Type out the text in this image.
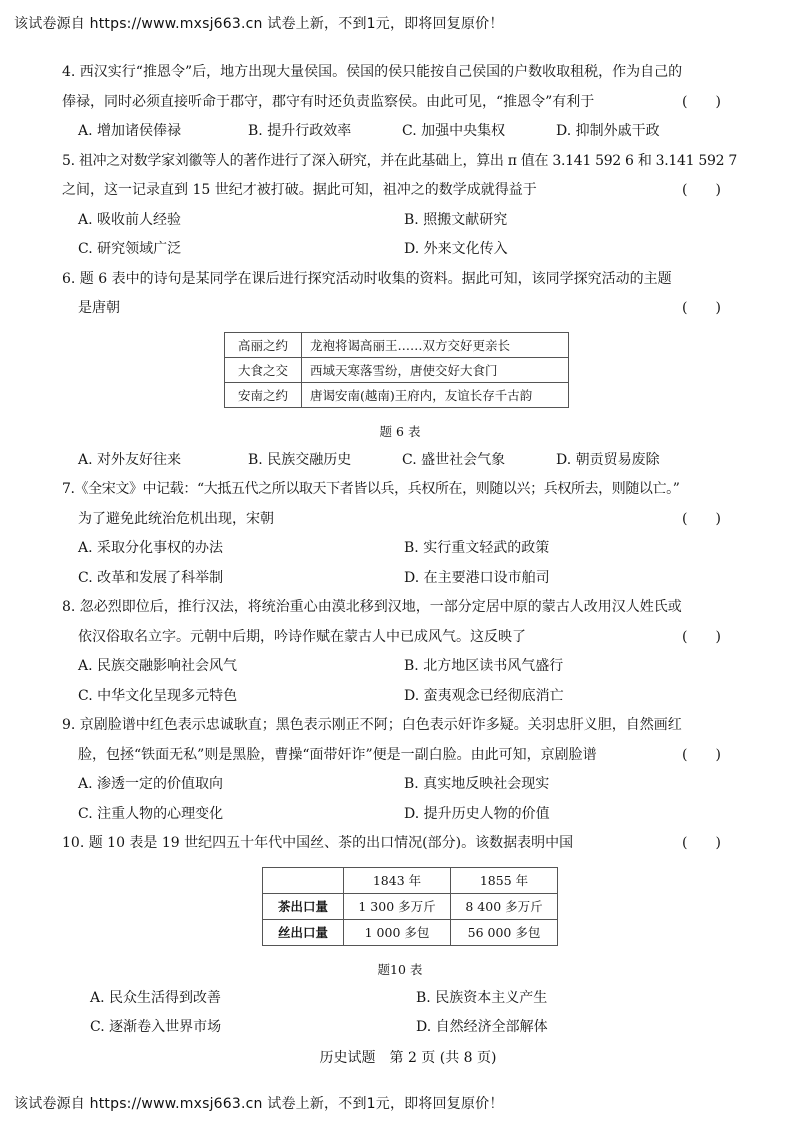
该试卷源自 https://www.mxsj663.cn 试卷上新，不到1元，即将回复原价！
4. 西汉实行“推恩令”后，地方出现大量侯国。侯国的侯只能按自己侯国的户数收取租税，作为自己的
俸禄，同时必须直接听命于郡守，郡守有时还负责监察侯。由此可见，“推恩令”有利于	(　　)
A. 增加诸侯俸禄	B. 提升行政效率	C. 加强中央集权	D. 抑制外戚干政
5. 祖冲之对数学家刘徽等人的著作进行了深入研究，并在此基础上，算出 π 值在 3.141 592 6 和 3.141 592 7
之间，这一记录直到 15 世纪才被打破。据此可知，祖冲之的数学成就得益于	(　　)
A. 吸收前人经验	B. 照搬文献研究
C. 研究领域广泛	D. 外来文化传入
6. 题 6 表中的诗句是某同学在课后进行探究活动时收集的资料。据此可知，该同学探究活动的主题
是唐朝	(　　)
高丽之约	龙袍将谒高丽王……双方交好更亲长
大食之交	西域天寒落雪纷，唐使交好大食门
安南之约	唐谒安南(越南)王府内，友谊长存千古韵
题 6 表
A. 对外友好往来	B. 民族交融历史	C. 盛世社会气象	D. 朝贡贸易废除
7.《全宋文》中记载：“大抵五代之所以取天下者皆以兵，兵权所在，则随以兴；兵权所去，则随以亡。”
为了避免此统治危机出现，宋朝	(　　)
A. 采取分化事权的办法	B. 实行重文轻武的政策
C. 改革和发展了科举制	D. 在主要港口设市舶司
8. 忽必烈即位后，推行汉法，将统治重心由漠北移到汉地，一部分定居中原的蒙古人改用汉人姓氏或
依汉俗取名立字。元朝中后期，吟诗作赋在蒙古人中已成风气。这反映了	(　　)
A. 民族交融影响社会风气	B. 北方地区读书风气盛行
C. 中华文化呈现多元特色	D. 蛮夷观念已经彻底消亡
9. 京剧脸谱中红色表示忠诚耿直；黑色表示刚正不阿；白色表示奸诈多疑。关羽忠肝义胆，自然画红
脸，包拯“铁面无私”则是黑脸，曹操“面带奸诈”便是一副白脸。由此可知，京剧脸谱	(　　)
A. 渗透一定的价值取向	B. 真实地反映社会现实
C. 注重人物的心理变化	D. 提升历史人物的价值
10. 题 10 表是 19 世纪四五十年代中国丝、茶的出口情况(部分)。该数据表明中国	(　　)
	1843 年	1855 年
茶出口量	1 300 多万斤	8 400 多万斤
丝出口量	1 000 多包	56 000 多包
题10 表
A. 民众生活得到改善	B. 民族资本主义产生
C. 逐渐卷入世界市场	D. 自然经济全部解体
历史试题　第 2 页 (共 8 页)
该试卷源自 https://www.mxsj663.cn 试卷上新，不到1元，即将回复原价！
